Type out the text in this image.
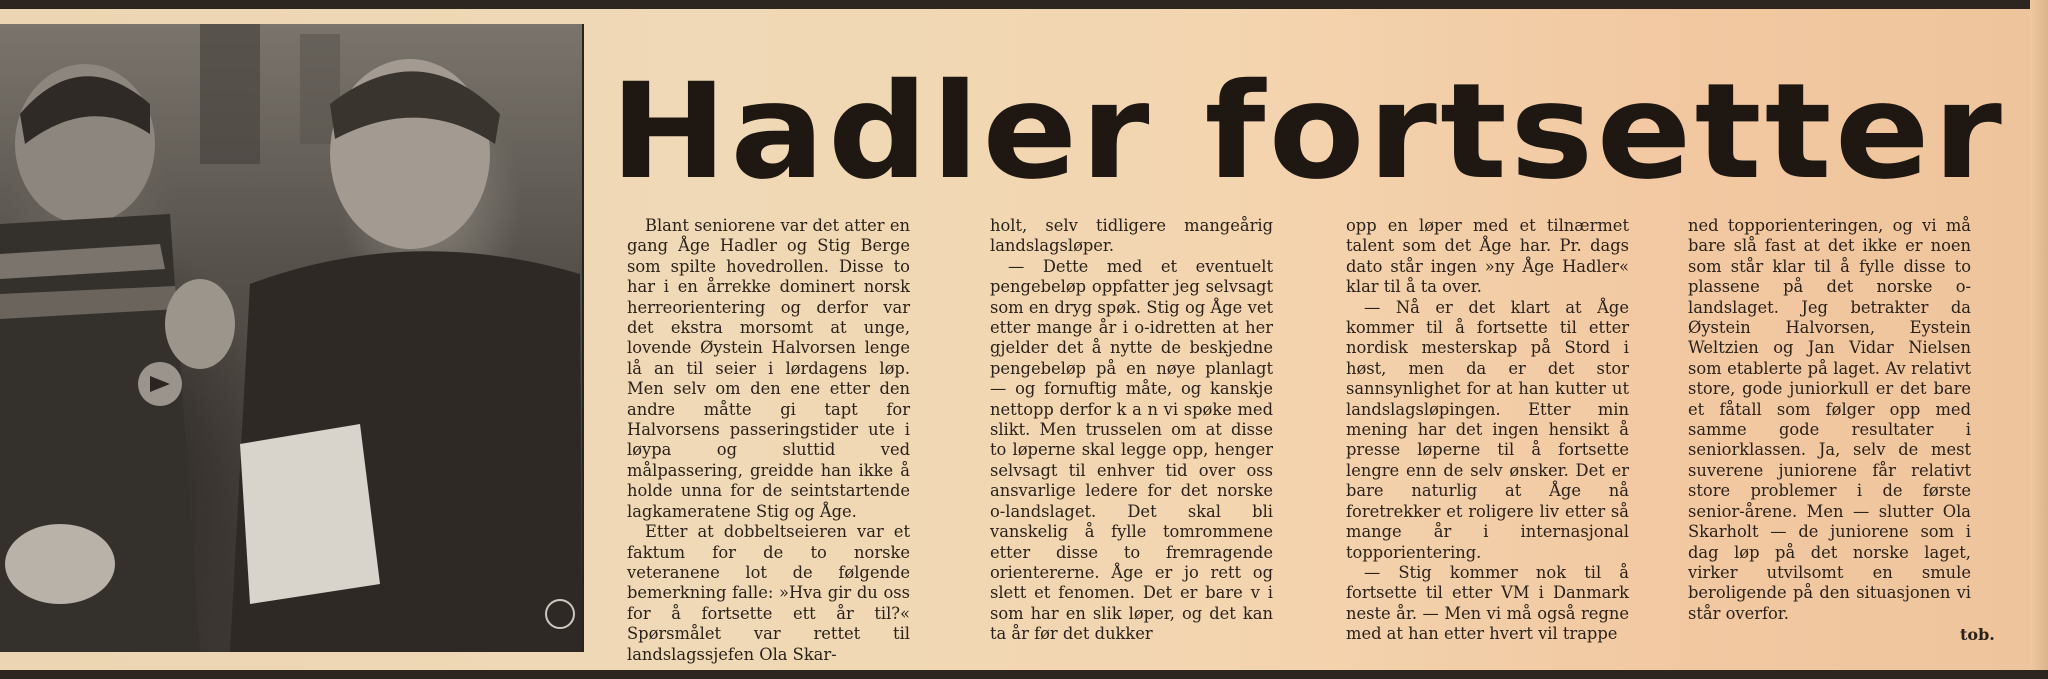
Hadler fortsetter

Blant seniorene var det atter en gang Åge Hadler og Stig Berge som spilte hovedrollen. Disse to har i en årrekke dominert norsk herreorientering og derfor var det ekstra morsomt at unge, lovende Øystein Halvorsen lenge lå an til seier i lørdagens løp. Men selv om den ene etter den andre måtte gi tapt for Halvorsens passeringstider ute i løypa og sluttid ved målpassering, greidde han ikke å holde unna for de seintstartende lagkameratene Stig og Åge.

Etter at dobbeltseieren var et faktum for de to norske veteranene lot de følgende bemerkning falle: »Hva gir du oss for å fortsette ett år til?« Spørsmålet var rettet til landslagssjefen Ola Skar-

holt, selv tidligere mangeårig landslagsløper.

— Dette med et eventuelt pengebeløp oppfatter jeg selvsagt som en dryg spøk. Stig og Åge vet etter mange år i o-idretten at her gjelder det å nytte de beskjedne pengebeløp på en nøye planlagt — og fornuftig måte, og kanskje nettopp derfor k a n vi spøke med slikt. Men trusselen om at disse to løperne skal legge opp, henger selvsagt til enhver tid over oss ansvarlige ledere for det norske o-landslaget. Det skal bli vanskelig å fylle tomrommene etter disse to fremragende orientererne. Åge er jo rett og slett et fenomen. Det er bare v i som har en slik løper, og det kan ta år før det dukker

opp en løper med et tilnærmet talent som det Åge har. Pr. dags dato står ingen »ny Åge Hadler« klar til å ta over.

— Nå er det klart at Åge kommer til å fortsette til etter nordisk mesterskap på Stord i høst, men da er det stor sannsynlighet for at han kutter ut landslagsløpingen. Etter min mening har det ingen hensikt å presse løperne til å fortsette lengre enn de selv ønsker. Det er bare naturlig at Åge nå foretrekker et roligere liv etter så mange år i internasjonal topporientering.

— Stig kommer nok til å fortsette til etter VM i Danmark neste år. — Men vi må også regne med at han etter hvert vil trappe

ned topporienteringen, og vi må bare slå fast at det ikke er noen som står klar til å fylle disse to plassene på det norske o-landslaget. Jeg betrakter da Øystein Halvorsen, Eystein Weltzien og Jan Vidar Nielsen som etablerte på laget. Av relativt store, gode juniorkull er det bare et fåtall som følger opp med samme gode resultater i seniorklassen. Ja, selv de mest suverene juniorene får relativt store problemer i de første senior-årene. Men — slutter Ola Skarholt — de juniorene som i dag løp på det norske laget, virker utvilsomt en smule beroligende på den situasjonen vi står overfor.

tob.
